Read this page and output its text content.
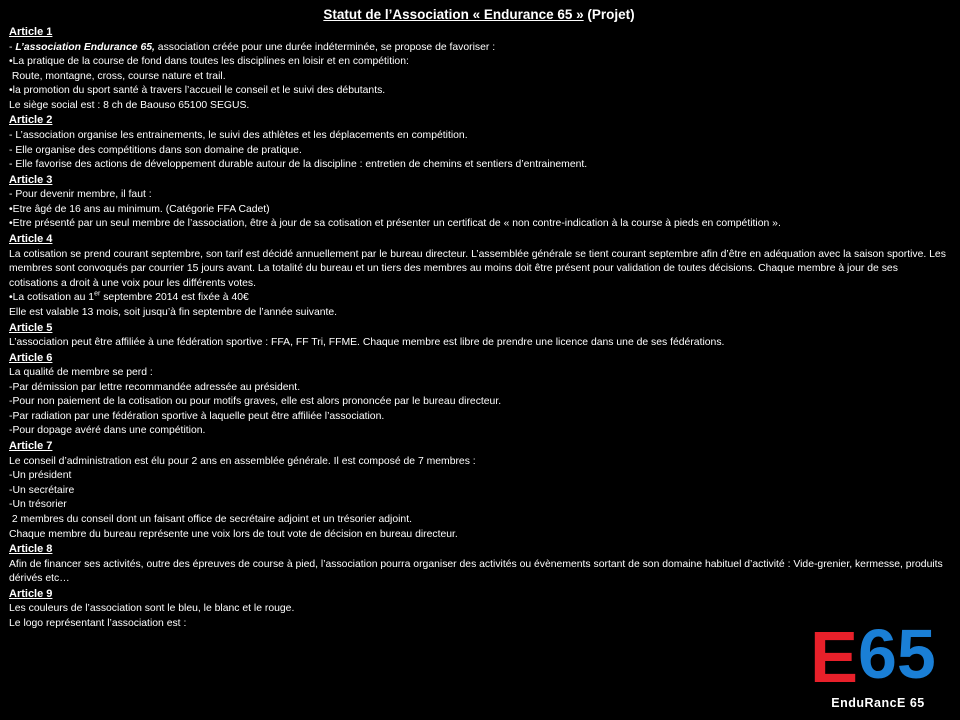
Statut de l’Association « Endurance 65 » (Projet)
Article 1
- L’association Endurance 65, association créée pour une durée indéterminée, se propose de favoriser :
•La pratique de la course de fond dans toutes les disciplines en loisir et en compétition:
Route, montagne, cross, course nature et trail.
•la promotion du sport santé à travers l’accueil le conseil et le suivi des débutants.
Le siège social est : 8 ch de Baouso 65100 SEGUS.
Article 2
- L’association organise les entrainements, le suivi des athlètes et les déplacements en compétition.
- Elle organise des compétitions dans son domaine de pratique.
- Elle favorise des actions de développement durable autour de la discipline : entretien de chemins et sentiers d’entrainement.
Article 3
- Pour devenir membre, il faut :
•Etre âgé de 16 ans au minimum. (Catégorie FFA Cadet)
•Etre présenté par un seul membre de l’association, être à jour de sa cotisation et présenter un certificat de « non contre-indication à la course à pieds en compétition ».
Article 4
La cotisation se prend courant septembre, son tarif est décidé annuellement par le bureau directeur. L’assemblée générale se tient courant septembre afin d’être en adéquation avec la saison sportive. Les membres sont convoqués par courrier 15 jours avant. La totalité du bureau et un tiers des membres au moins doit être présent pour validation de toutes décisions. Chaque membre à jour de ses cotisations a droit à une voix pour les différents votes.
•La cotisation au 1er septembre 2014 est fixée à 40€
Elle est valable 13 mois, soit jusqu’à fin septembre de l’année suivante.
Article 5
L’association peut être affiliée à une fédération sportive : FFA, FF Tri, FFME. Chaque membre est libre de prendre une licence dans une de ses fédérations.
Article 6
La qualité de membre se perd :
-Par démission par lettre recommandée adressée au président.
-Pour non paiement de la cotisation ou pour motifs graves, elle est alors prononcée par le bureau directeur.
-Par radiation par une fédération sportive à laquelle peut être affiliée l’association.
-Pour dopage avéré dans une compétition.
Article 7
Le conseil d’administration est élu pour 2 ans en assemblée générale. Il est composé de 7 membres :
-Un président
-Un secrétaire
-Un trésorier
2 membres du conseil dont un faisant office de secrétaire adjoint et un trésorier adjoint.
Chaque membre du bureau représente une voix lors de tout vote de décision en bureau directeur.
Article 8
Afin de financer ses activités, outre des épreuves de course à pied, l’association pourra organiser des activités ou évènements sortant de son domaine habituel d’activité : Vide-grenier, kermesse, produits dérivés etc…
Article 9
Les couleurs de l’association sont le bleu, le blanc et le rouge.
Le logo représentant l’association est :	E 65
EnduRancE 65
